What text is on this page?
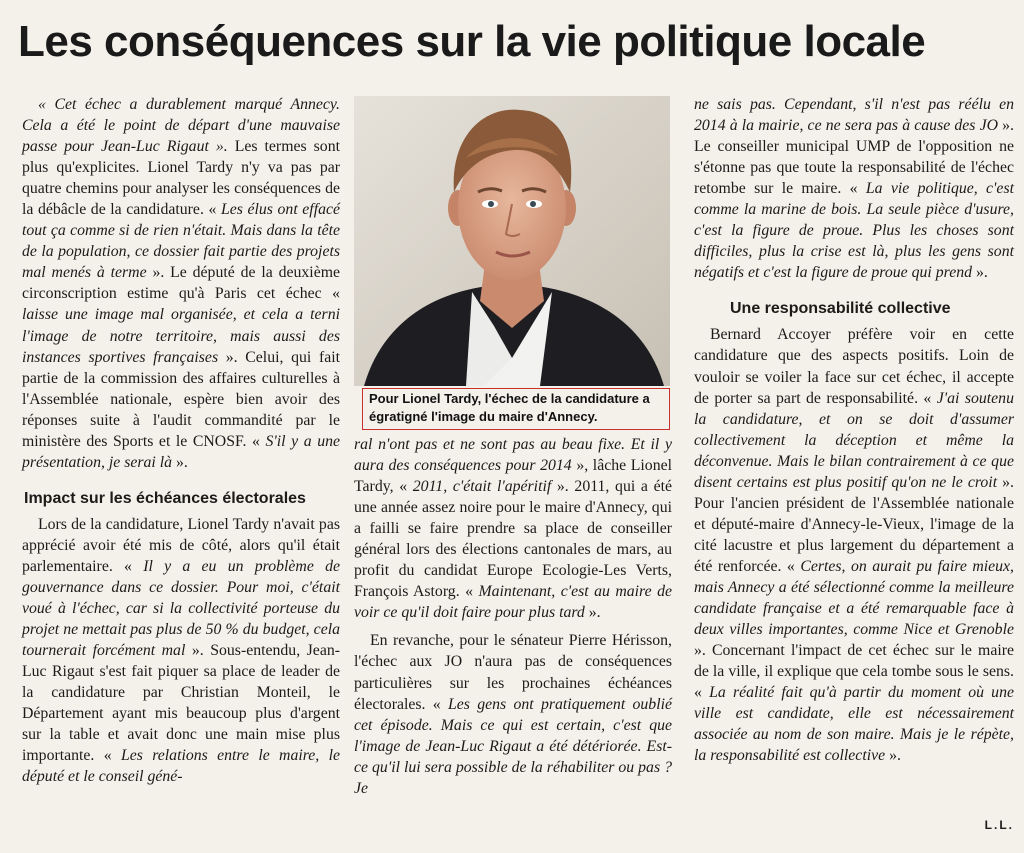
Les conséquences sur la vie politique locale

« Cet échec a durablement marqué Annecy. Cela a été le point de départ d'une mauvaise passe pour Jean-Luc Rigaut ». Les termes sont plus qu'explicites. Lionel Tardy n'y va pas par quatre chemins pour analyser les conséquences de la débâcle de la candidature. « Les élus ont effacé tout ça comme si de rien n'était. Mais dans la tête de la population, ce dossier fait partie des projets mal menés à terme ». Le député de la deuxième circonscription estime qu'à Paris cet échec « laisse une image mal organisée, et cela a terni l'image de notre territoire, mais aussi des instances sportives françaises ». Celui, qui fait partie de la commission des affaires culturelles à l'Assemblée nationale, espère bien avoir des réponses suite à l'audit commandité par le ministère des Sports et le CNOSF. « S'il y a une présentation, je serai là ».

Impact sur les échéances électorales

Lors de la candidature, Lionel Tardy n'avait pas apprécié avoir été mis de côté, alors qu'il était parlementaire. « Il y a eu un problème de gouvernance dans ce dossier. Pour moi, c'était voué à l'échec, car si la collectivité porteuse du projet ne mettait pas plus de 50 % du budget, cela tournerait forcément mal ». Sous-entendu, Jean-Luc Rigaut s'est fait piquer sa place de leader de la candidature par Christian Monteil, le Département ayant mis beaucoup plus d'argent sur la table et avait donc une main mise plus importante. « Les relations entre le maire, le député et le conseil géné-

Pour Lionel Tardy, l'échec de la candidature a égratigné l'image du maire d'Annecy.

ral n'ont pas et ne sont pas au beau fixe. Et il y aura des conséquences pour 2014 », lâche Lionel Tardy, « 2011, c'était l'apéritif ». 2011, qui a été une année assez noire pour le maire d'Annecy, qui a failli se faire prendre sa place de conseiller général lors des élections cantonales de mars, au profit du candidat Europe Ecologie-Les Verts, François Astorg. « Maintenant, c'est au maire de voir ce qu'il doit faire pour plus tard ».

En revanche, pour le sénateur Pierre Hérisson, l'échec aux JO n'aura pas de conséquences particulières sur les prochaines échéances électorales. « Les gens ont pratiquement oublié cet épisode. Mais ce qui est certain, c'est que l'image de Jean-Luc Rigaut a été détériorée. Est-ce qu'il lui sera possible de la réhabiliter ou pas ? Je

ne sais pas. Cependant, s'il n'est pas réélu en 2014 à la mairie, ce ne sera pas à cause des JO ». Le conseiller municipal UMP de l'opposition ne s'étonne pas que toute la responsabilité de l'échec retombe sur le maire. « La vie politique, c'est comme la marine de bois. La seule pièce d'usure, c'est la figure de proue. Plus les choses sont difficiles, plus la crise est là, plus les gens sont négatifs et c'est la figure de proue qui prend ».

Une responsabilité collective

Bernard Accoyer préfère voir en cette candidature que des aspects positifs. Loin de vouloir se voiler la face sur cet échec, il accepte de porter sa part de responsabilité. « J'ai soutenu la candidature, et on se doit d'assumer collectivement la déception et même la déconvenue. Mais le bilan contrairement à ce que disent certains est plus positif qu'on ne le croit ». Pour l'ancien président de l'Assemblée nationale et député-maire d'Annecy-le-Vieux, l'image de la cité lacustre et plus largement du département a été renforcée. « Certes, on aurait pu faire mieux, mais Annecy a été sélectionné comme la meilleure candidate française et a été remarquable face à deux villes importantes, comme Nice et Grenoble ». Concernant l'impact de cet échec sur le maire de la ville, il explique que cela tombe sous le sens. « La réalité fait qu'à partir du moment où une ville est candidate, elle est nécessairement associée au nom de son maire. Mais je le répète, la responsabilité est collective ».

L.L.
